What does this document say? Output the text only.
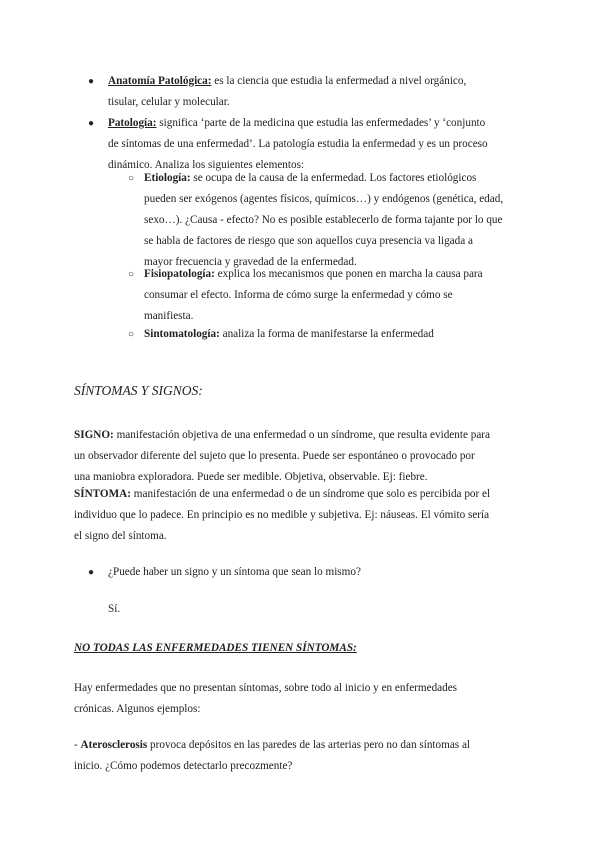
● Anatomía Patológica: es la ciencia que estudia la enfermedad a nivel orgánico,
tisular, celular y molecular.
● Patología: significa ‘parte de la medicina que estudia las enfermedades’ y ‘conjunto
de síntomas de una enfermedad’. La patología estudia la enfermedad y es un proceso
dinámico. Analiza los siguientes elementos:
○ Etiología: se ocupa de la causa de la enfermedad. Los factores etiológicos
pueden ser exógenos (agentes físicos, químicos…) y endógenos (genética, edad,
sexo…). ¿Causa - efecto? No es posible establecerlo de forma tajante por lo que
se habla de factores de riesgo que son aquellos cuya presencia va ligada a
mayor frecuencia y gravedad de la enfermedad.
○ Fisiopatología: explica los mecanismos que ponen en marcha la causa para
consumar el efecto. Informa de cómo surge la enfermedad y cómo se
manifiesta.
○ Sintomatología: analiza la forma de manifestarse la enfermedad
SÍNTOMAS Y SIGNOS:
SIGNO: manifestación objetiva de una enfermedad o un síndrome, que resulta evidente para
un observador diferente del sujeto que lo presenta. Puede ser espontáneo o provocado por
una maniobra exploradora. Puede ser medible. Objetiva, observable. Ej: fiebre.
SÍNTOMA: manifestación de una enfermedad o de un síndrome que solo es percibida por el
individuo que lo padece. En principio es no medible y subjetiva. Ej: náuseas. El vómito sería
el signo del síntoma.
● ¿Puede haber un signo y un síntoma que sean lo mismo?
Sí.
NO TODAS LAS ENFERMEDADES TIENEN SÍNTOMAS:
Hay enfermedades que no presentan síntomas, sobre todo al inicio y en enfermedades
crónicas. Algunos ejemplos:
- Aterosclerosis provoca depósitos en las paredes de las arterias pero no dan síntomas al
inicio. ¿Cómo podemos detectarlo precozmente?
